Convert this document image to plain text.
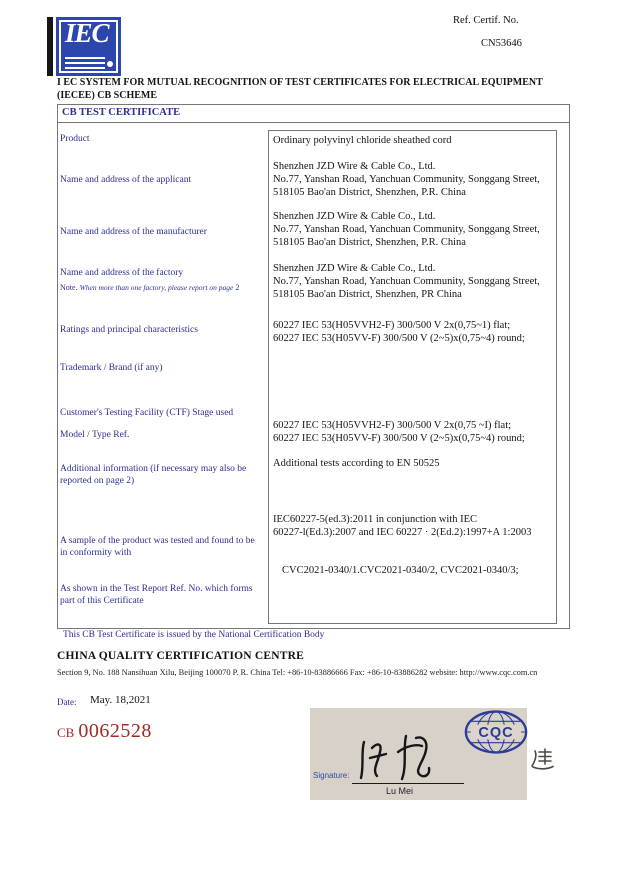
IEC	Ref. Certif. No.
CN53646
I EC SYSTEM FOR MUTUAL RECOGNITION OF TEST CERTIFICATES FOR ELECTRICAL EQUIPMENT
(IECEE) CB SCHEME
CB TEST CERTIFICATE
Product
Name and address of the applicant
Name and address of the manufacturer
Name and address of the factory
Note. When more than one factory, please report on page 2
Ratings and principal characteristics
Trademark / Brand (if any)
Customer's Testing Facility (CTF) Stage used
Model / Type Ref.
Additional information (if necessary may also be reported on page 2)
A sample of the product was tested and found to be in conformity with
As shown in the Test Report Ref. No. which forms part of this Certificate
Ordinary polyvinyl chloride sheathed cord
Shenzhen JZD Wire & Cable Co., Ltd.
No.77, Yanshan Road, Yanchuan Community, Songgang Street,
518105 Bao'an District, Shenzhen, P.R. China
Shenzhen JZD Wire & Cable Co., Ltd.
No.77, Yanshan Road, Yanchuan Community, Songgang Street,
518105 Bao'an District, Shenzhen, P.R. China
Shenzhen JZD Wire & Cable Co., Ltd.
No.77, Yanshan Road, Yanchuan Community, Songgang Street,
518105 Bao'an District, Shenzhen, PR China
60227 IEC 53(H05VVH2-F) 300/500 V 2x(0,75~1) flat;
60227 IEC 53(H05VV-F) 300/500 V (2~5)x(0,75~4) round;
60227 IEC 53(H05VVH2-F) 300/500 V 2x(0,75 ~I) flat;
60227 IEC 53(H05VV-F) 300/500 V (2~5)x(0,75~4) round;
Additional tests according to EN 50525
IEC60227-5(ed.3):2011 in conjunction with IEC
60227-l(Ed.3):2007 and IEC 60227 · 2(Ed.2):1997+A 1:2003
CVC2021-0340/1.CVC2021-0340/2, CVC2021-0340/3;
This CB Test Certificate is issued by the National Certification Body
CHINA QUALITY CERTIFICATION CENTRE
Section 9, No. 188 Nansihuan Xilu, Beijing 100070 P. R. China Tel: +86-10-83886666 Fax: +86-10-83886282 website: http://www.cqc.com.cn
Date: May. 18,2021
CB 0062528	CQC
Signature:
Lu Mei
